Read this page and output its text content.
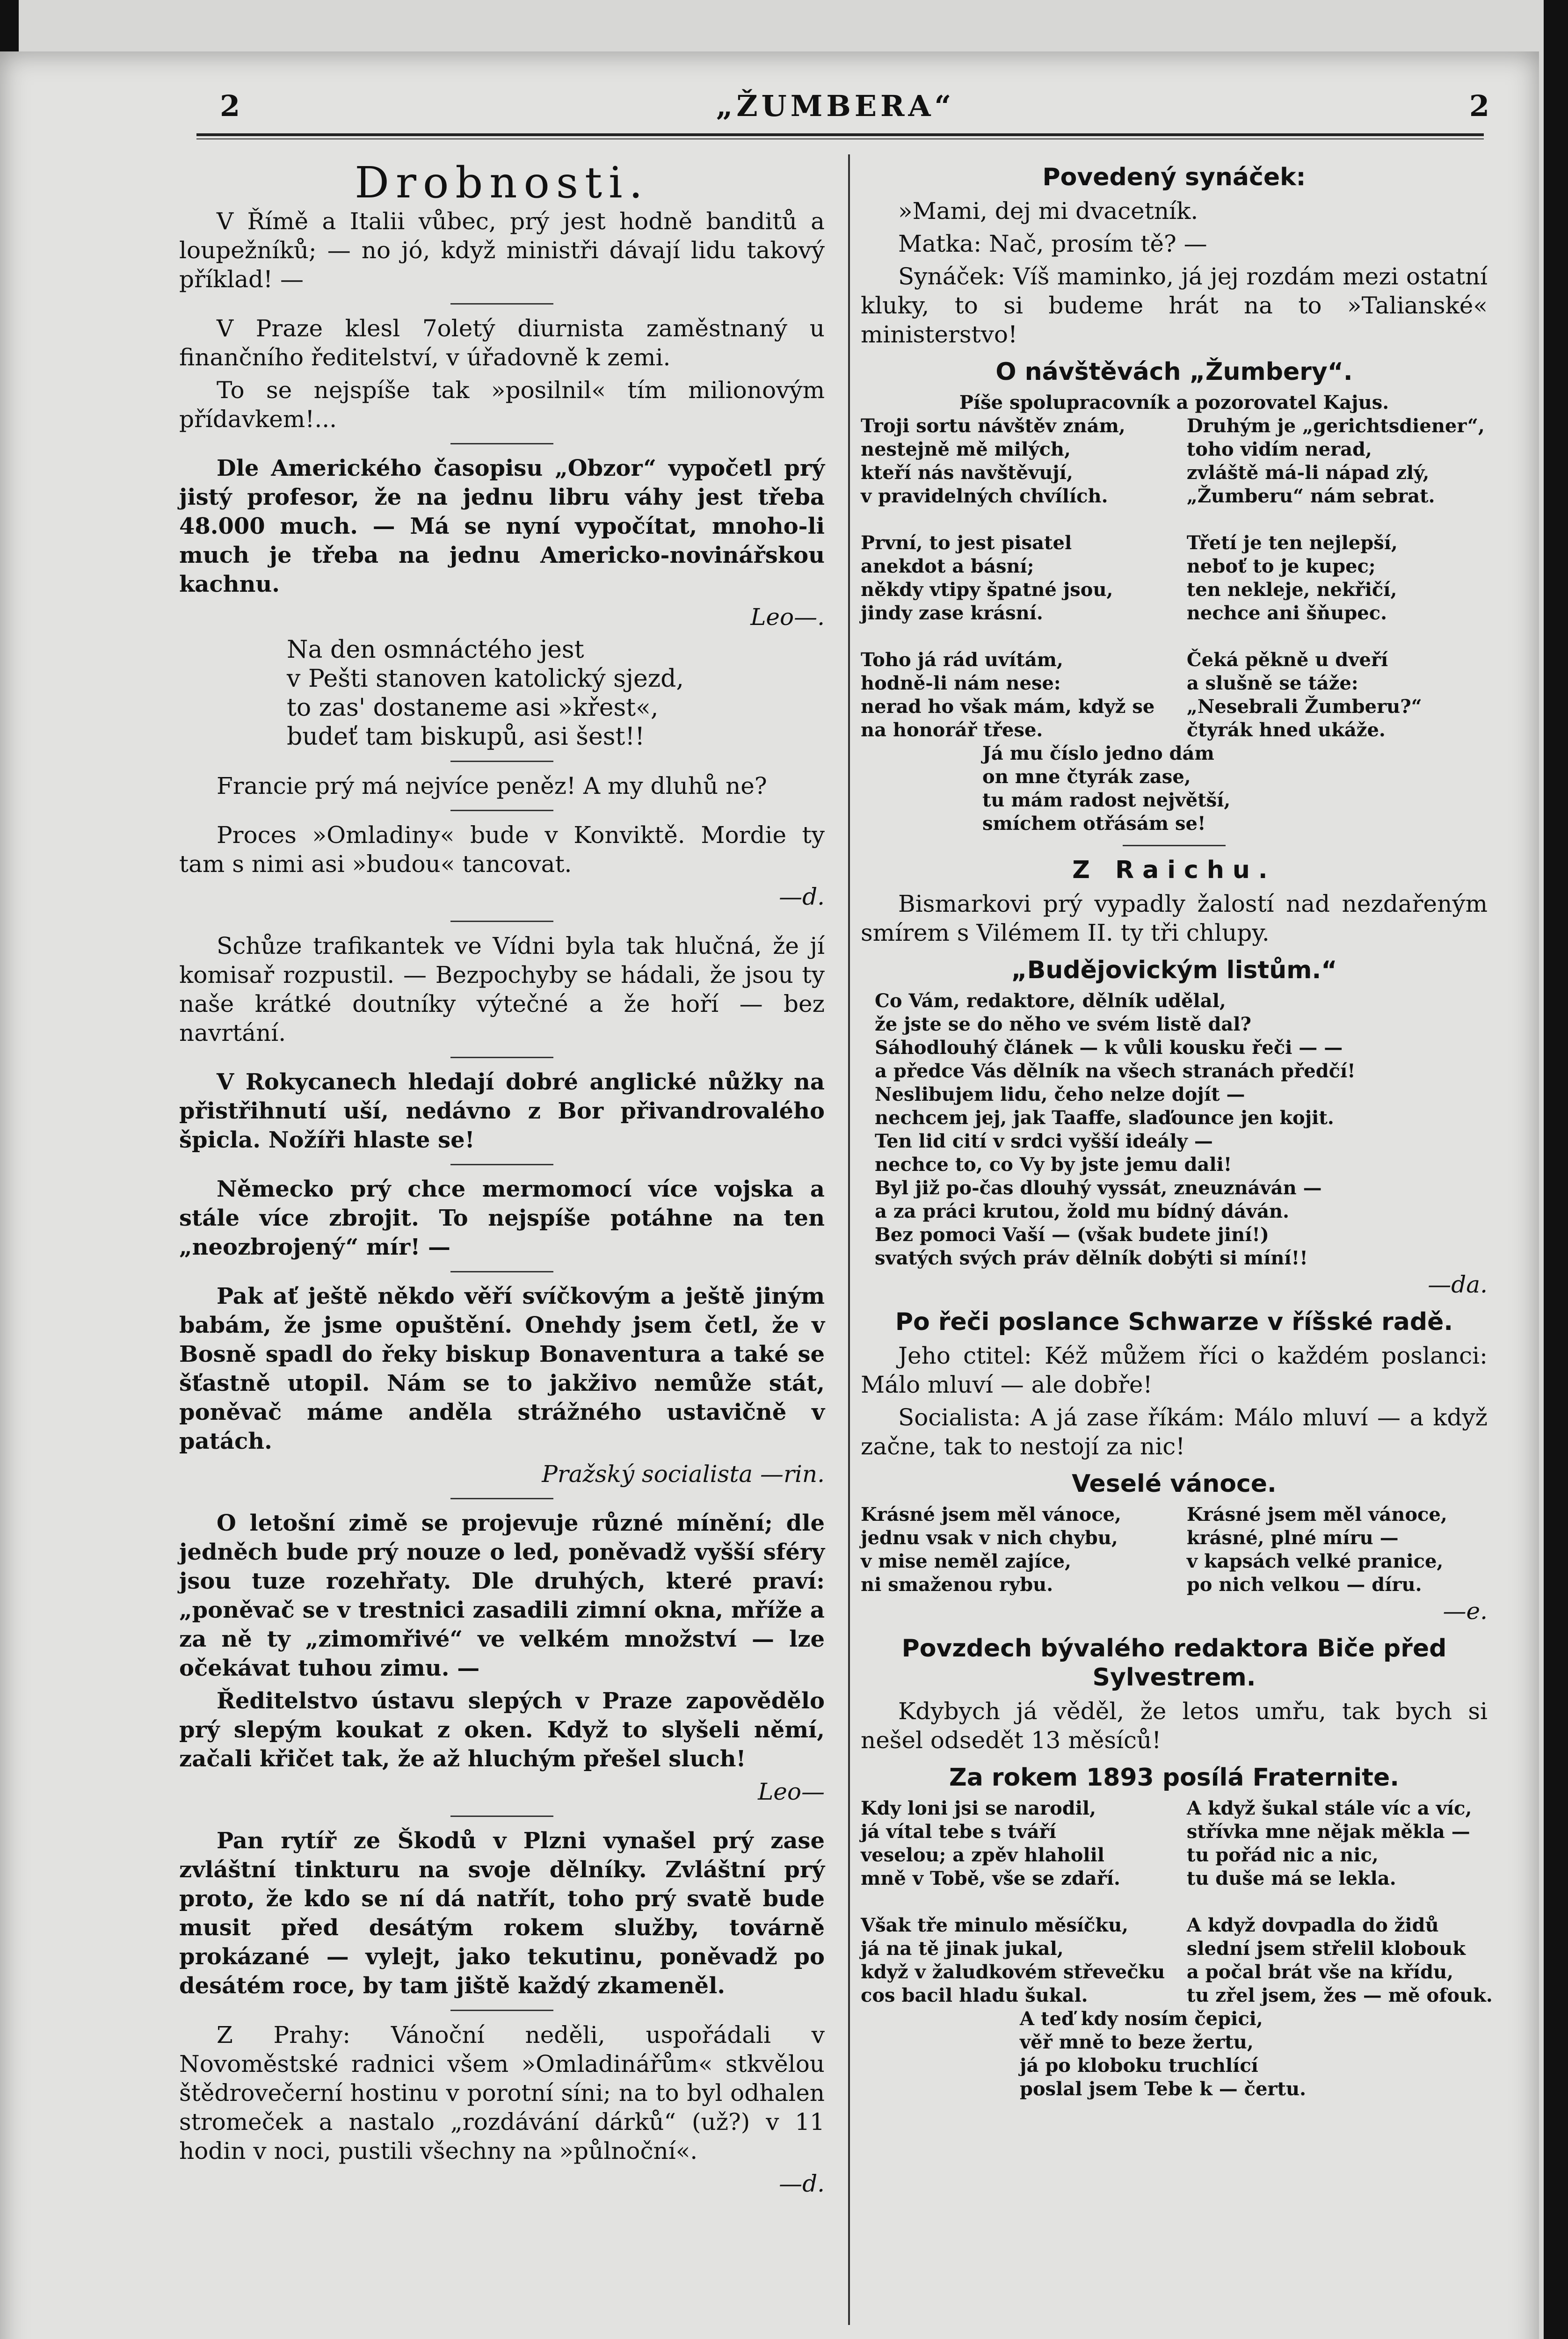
2	„ŽUMBERA“	2
Drobnosti.

V Římě a Italii vůbec, prý jest hodně banditů a loupežníků; — no jó, když ministři dávají lidu takový příklad! —

V Praze klesl 7oletý diurnista zaměstnaný u finančního ředitelství, v úřadovně k zemi.

To se nejspíše tak »posilnil« tím milionovým přídavkem!...

Dle Amerického časopisu „Obzor“ vypočetl prý jistý profesor, že na jednu libru váhy jest třeba 48.000 much. — Má se nyní vypočítat, mnoho-li much je třeba na jednu Americko-novinářskou kachnu.

Leo—.
Na den osmnáctého jest
v Pešti stanoven katolický sjezd,
to zas' dostaneme asi »křest«,
budeť tam biskupů, asi šest!!

Francie prý má nejvíce peněz! A my dluhů ne?

Proces »Omladiny« bude v Konviktě. Mordie ty tam s nimi asi »budou« tancovat.

—d.

Schůze trafikantek ve Vídni byla tak hlučná, že jí komisař rozpustil. — Bezpochyby se hádali, že jsou ty naše krátké doutníky výtečné a že hoří — bez navrtání.

V Rokycanech hledají dobré anglické nůžky na přistřihnutí uší, nedávno z Bor přivandrovalého špicla. Nožíři hlaste se!

Německo prý chce mermomocí více vojska a stále více zbrojit. To nejspíše potáhne na ten „neozbrojený“ mír! —

Pak ať ještě někdo věří svíčkovým a ještě jiným babám, že jsme opuštění. Onehdy jsem četl, že v Bosně spadl do řeky biskup Bonaventura a také se šťastně utopil. Nám se to jakživo nemůže stát, poněvač máme anděla strážného ustavičně v patách.

Pražský socialista —rin.

O letošní zimě se projevuje různé mínění; dle jedněch bude prý nouze o led, poněvadž vyšší sféry jsou tuze rozehřaty. Dle druhých, které praví: „poněvač se v trestnici zasadili zimní okna, mříže a za ně ty „zimomřivé“ ve velkém množství — lze očekávat tuhou zimu. —

Ředitelstvo ústavu slepých v Praze zapovědělo prý slepým koukat z oken. Když to slyšeli němí, začali křičet tak, že až hluchým přešel sluch!

Leo—

Pan rytíř ze Škodů v Plzni vynašel prý zase zvláštní tinkturu na svoje dělníky. Zvláštní prý proto, že kdo se ní dá natřít, toho prý svatě bude musit před desátým rokem služby, továrně prokázané — vylejt, jako tekutinu, poněvadž po desátém roce, by tam jiště každý zkameněl.

Z Prahy: Vánoční neděli, uspořádali v Novoměstské radnici všem »Omladinářům« stkvělou štědrovečerní hostinu v porotní síni; na to byl odhalen stromeček a nastalo „rozdávání dárků“ (už?) v 11 hodin v noci, pustili všechny na »půlnoční«.

—d.
Povedený synáček:

»Mami, dej mi dvacetník.

Matka: Nač, prosím tě? —

Synáček: Víš maminko, já jej rozdám mezi ostatní kluky, to si budeme hrát na to »Talianské« ministerstvo!

O návštěvách „Žumbery“.
Píše spolupracovník a pozorovatel Kajus.
Troji sortu návštěv znám,
nestejně mě milých,
kteří nás navštěvují,
v pravidelných chvílích.

První, to jest pisatel
anekdot a básní;
někdy vtipy špatné jsou,
jindy zase krásní.

Toho já rád uvítám,
hodně-li nám nese:
nerad ho však mám, když se
na honorář třese.
Druhým je „gerichtsdiener“,
toho vidím nerad,
zvláště má-li nápad zlý,
„Žumberu“ nám sebrat.

Třetí je ten nejlepší,
neboť to je kupec;
ten nekleje, nekřičí,
nechce ani šňupec.

Čeká pěkně u dveří
a slušně se táže:
„Nesebrali Žumberu?“
čtyrák hned ukáže.
Já mu číslo jedno dám
on mne čtyrák zase,
tu mám radost největší,
smíchem otřásám se!
Z Raichu.

Bismarkovi prý vypadly žalostí nad nezdařeným smírem s Vilémem II. ty tři chlupy.

„Budějovickým listům.“
Co Vám, redaktore, dělník udělal,
že jste se do něho ve svém listě dal?
Sáhodlouhý článek — k vůli kousku řeči — —
a předce Vás dělník na všech stranách předčí!
Neslibujem lidu, čeho nelze dojít —
nechcem jej, jak Taaffe, slaďounce jen kojit.
Ten lid cití v srdci vyšší ideály —
nechce to, co Vy by jste jemu dali!
Byl již po-čas dlouhý vyssát, zneuznáván —
a za práci krutou, žold mu bídný dáván.
Bez pomoci Vaší — (však budete jiní!)
svatých svých práv dělník dobýti si míní!!
—da.
Po řeči poslance Schwarze v říšské radě.

Jeho ctitel: Kéž můžem říci o každém poslanci: Málo mluví — ale dobře!

Socialista: A já zase říkám: Málo mluví — a když začne, tak to nestojí za nic!

Veselé vánoce.
Krásné jsem měl vánoce,
jednu vsak v nich chybu,
v mise neměl zajíce,
ni smaženou rybu.
Krásné jsem měl vánoce,
krásné, plné míru —
v kapsách velké pranice,
po nich velkou — díru.
—e.
Povzdech bývalého redaktora Biče před Sylvestrem.

Kdybych já věděl, že letos umřu, tak bych si nešel odsedět 13 měsíců!

Za rokem 1893 posílá Fraternite.
Kdy loni jsi se narodil,
já vítal tebe s tváří
veselou; a zpěv hlaholil
mně v Tobě, vše se zdaří.

Však tře minulo měsíčku,
já na tě jinak jukal,
když v žaludkovém střevečku
cos bacil hladu šukal.
A když šukal stále víc a víc,
střívka mne nějak měkla —
tu pořád nic a nic,
tu duše má se lekla.

A když dovpadla do židů
slední jsem střelil klobouk
a počal brát vše na křídu,
tu zřel jsem, žes — mě ofouk.
A teď kdy nosím čepici,
věř mně to beze žertu,
já po kloboku truchlící
poslal jsem Tebe k — čertu.
